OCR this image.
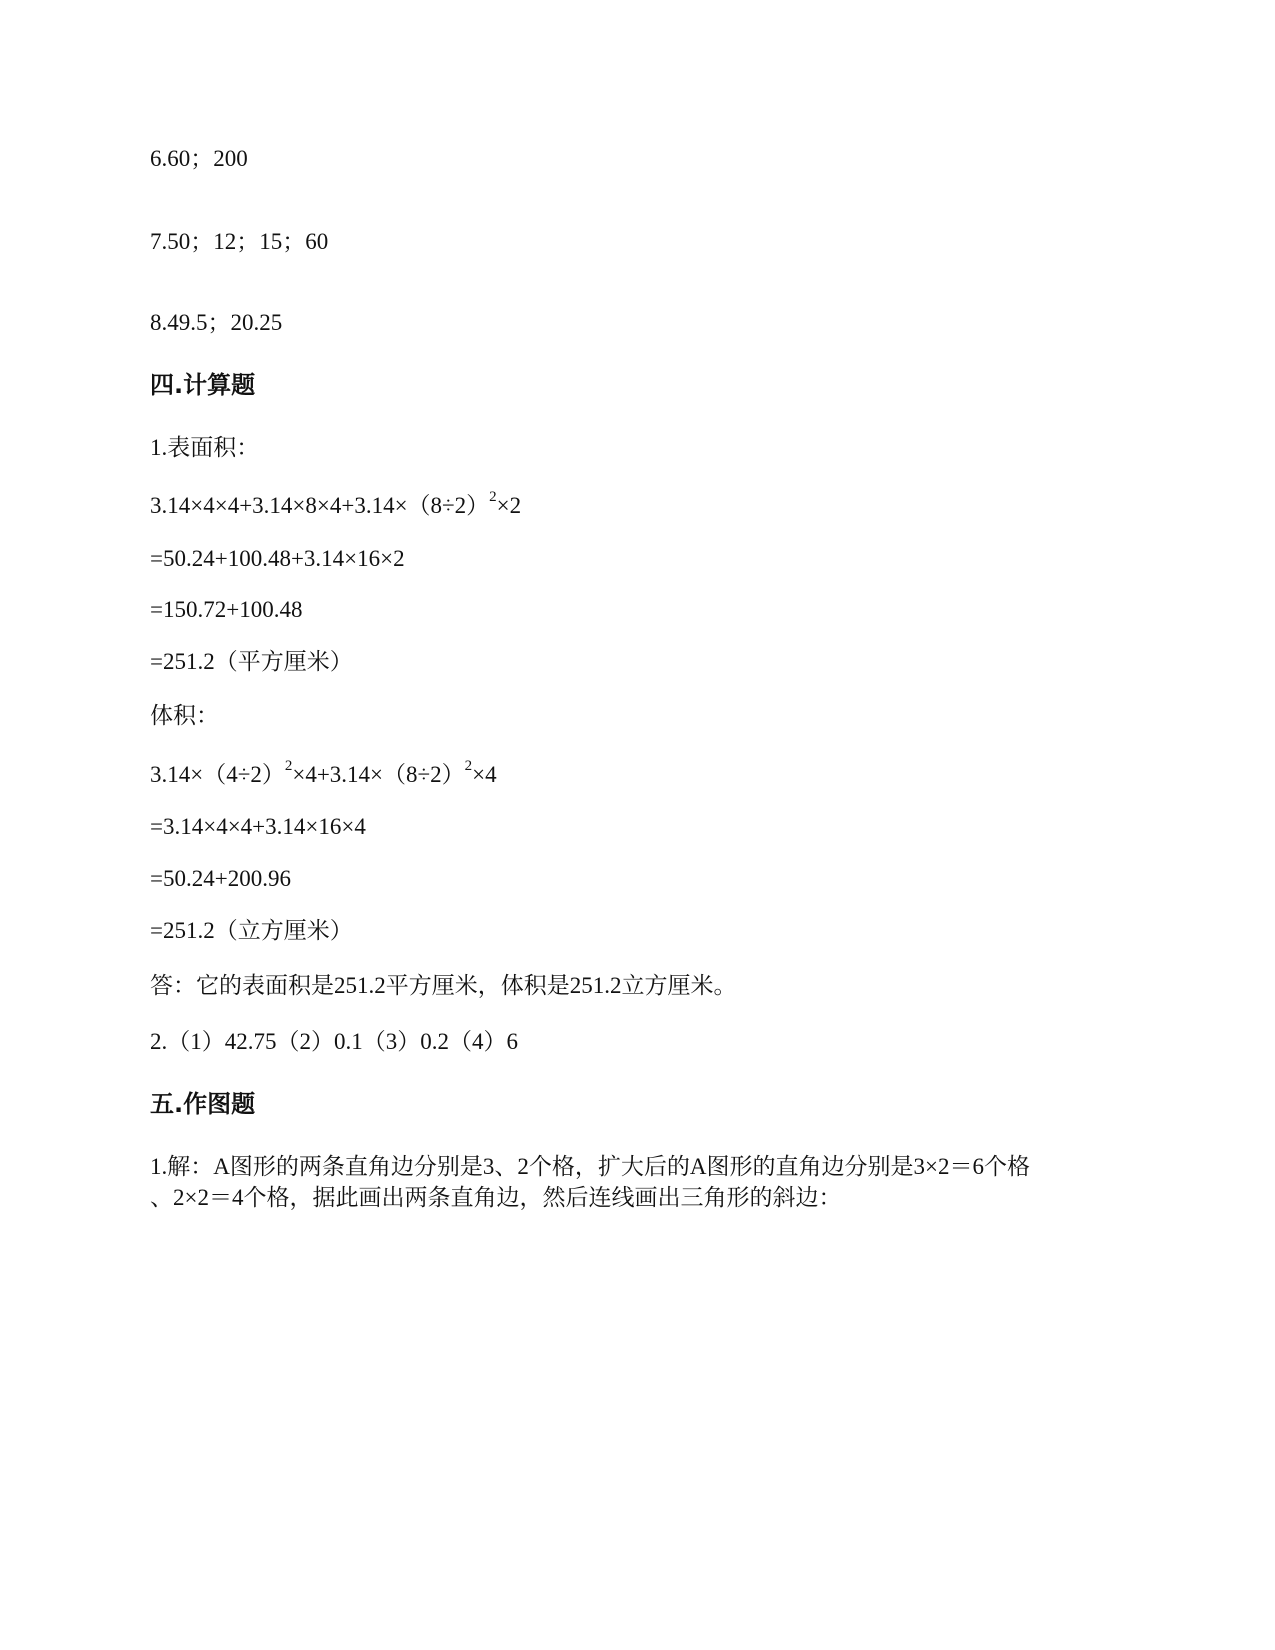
6.60；200
7.50；12；15；60
8.49.5；20.25
四.计算题
1.表面积：
$3.14\times 4\times 4+3.14\times 8\times 4+3.14\times(8\div 2)^2\times 2$
=50.24+100.48+3.14×16×2
=150.72+100.48
=251.2（平方厘米）
体积：
$3.14\times(4\div 2)^2\times 4+3.14\times(8\div 2)^2\times 4$
=3.14×4×4+3.14×16×4
=50.24+200.96
=251.2（立方厘米）
答：它的表面积是251.2平方厘米，体积是251.2立方厘米。
2.（1）42.75（2）0.1（3）0.2（4）6
五.作图题
1.解：A图形的两条直角边分别是3、2个格，扩大后的A图形的直角边分别是3×2＝6个格
、2×2＝4个格，据此画出两条直角边，然后连线画出三角形的斜边：
